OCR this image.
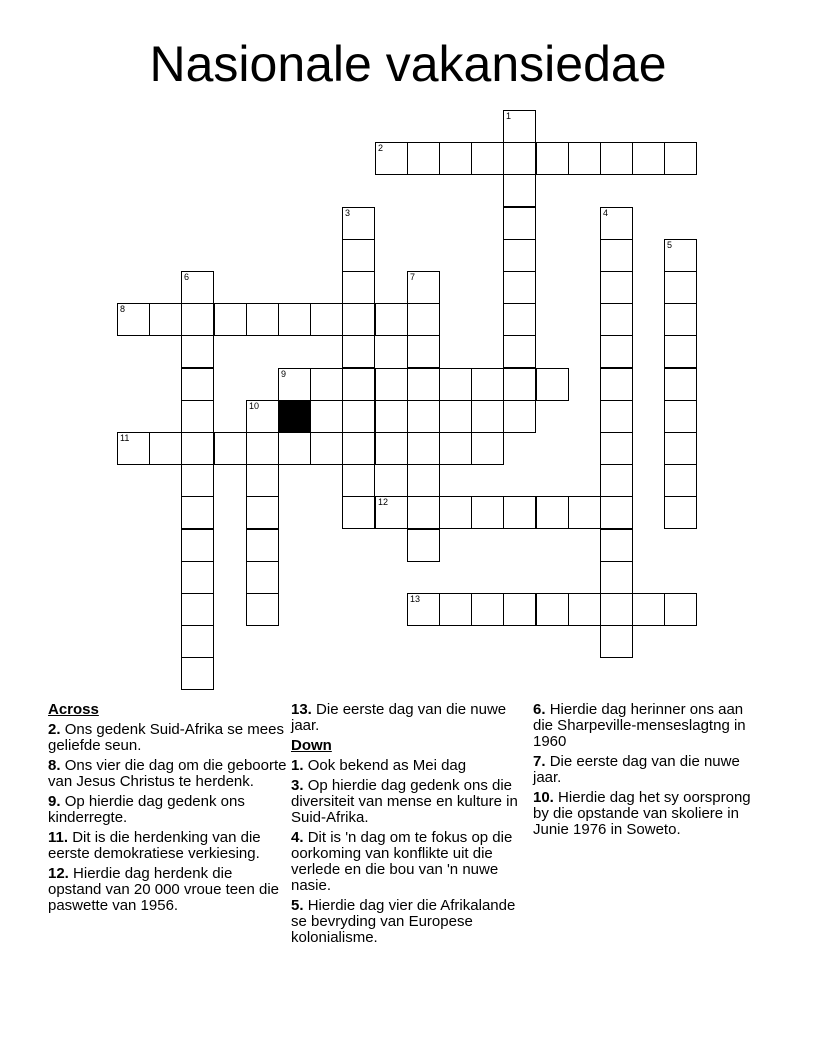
Nasionale vakansiedae
1
2
3	4
5
6	7
8
9
10
11
12
13
Across
2. Ons gedenk Suid-Afrika se mees geliefde seun.
8. Ons vier die dag om die geboorte van Jesus Christus te herdenk.
9. Op hierdie dag gedenk ons kinderregte.
11. Dit is die herdenking van die eerste demokratiese verkiesing.
12. Hierdie dag herdenk die opstand van 20 000 vroue teen die paswette van 1956.
13. Die eerste dag van die nuwe jaar.
Down
1. Ook bekend as Mei dag
3. Op hierdie dag gedenk ons die diversiteit van mense en kulture in Suid-Afrika.
4. Dit is 'n dag om te fokus op die oorkoming van konflikte uit die verlede en die bou van 'n nuwe nasie.
5. Hierdie dag vier die Afrikalande se bevryding van Europese kolonialisme.
6. Hierdie dag herinner ons aan die Sharpeville-menseslagtng in 1960
7. Die eerste dag van die nuwe jaar.
10. Hierdie dag het sy oorsprong by die opstande van skoliere in Junie 1976 in Soweto.
